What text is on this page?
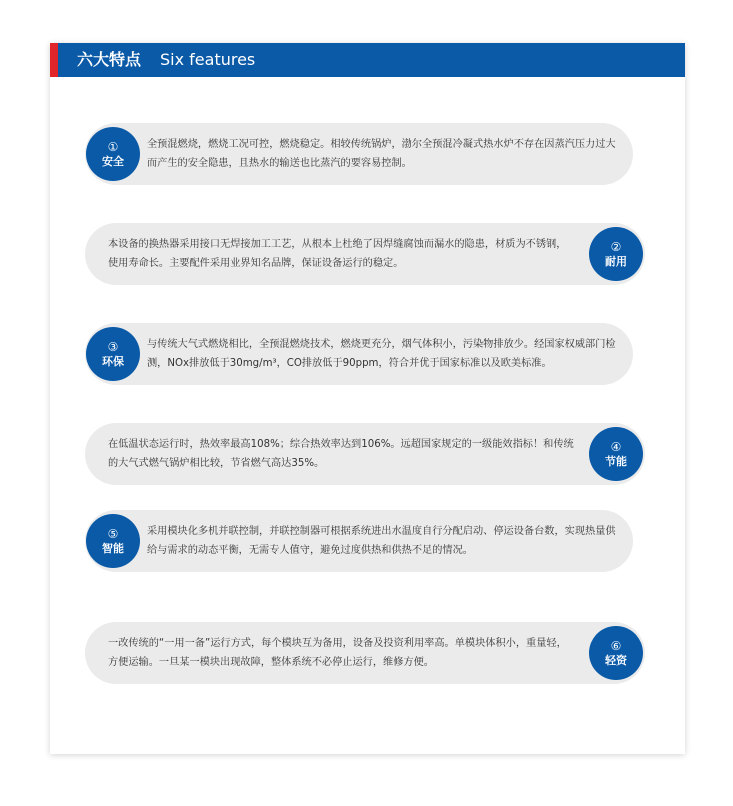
六大特点 Six features
全预混燃烧，燃烧工况可控，燃烧稳定。相较传统锅炉，渤尔全预混冷凝式热水炉不存在因蒸汽压力过大而产生的安全隐患，且热水的输送也比蒸汽的要容易控制。
①
安全
本设备的换热器采用接口无焊接加工工艺，从根本上杜绝了因焊缝腐蚀而漏水的隐患，材质为不锈钢，使用寿命长。主要配件采用业界知名品牌，保证设备运行的稳定。
②
耐用
与传统大气式燃烧相比，全预混燃烧技术，燃烧更充分，烟气体积小，污染物排放少。经国家权威部门检测，NOx排放低于30mg/m³，CO排放低于90ppm，符合并优于国家标准以及欧美标准。
③
环保
在低温状态运行时，热效率最高108%；综合热效率达到106%。远超国家规定的一级能效指标！和传统的大气式燃气锅炉相比较，节省燃气高达35%。
④
节能
采用模块化多机并联控制，并联控制器可根据系统进出水温度自行分配启动、停运设备台数，实现热量供给与需求的动态平衡，无需专人值守，避免过度供热和供热不足的情况。
⑤
智能
一改传统的“一用一备”运行方式，每个模块互为备用，设备及投资利用率高。单模块体积小，重量轻，方便运输。一旦某一模块出现故障，整体系统不必停止运行，维修方便。
⑥
轻资
